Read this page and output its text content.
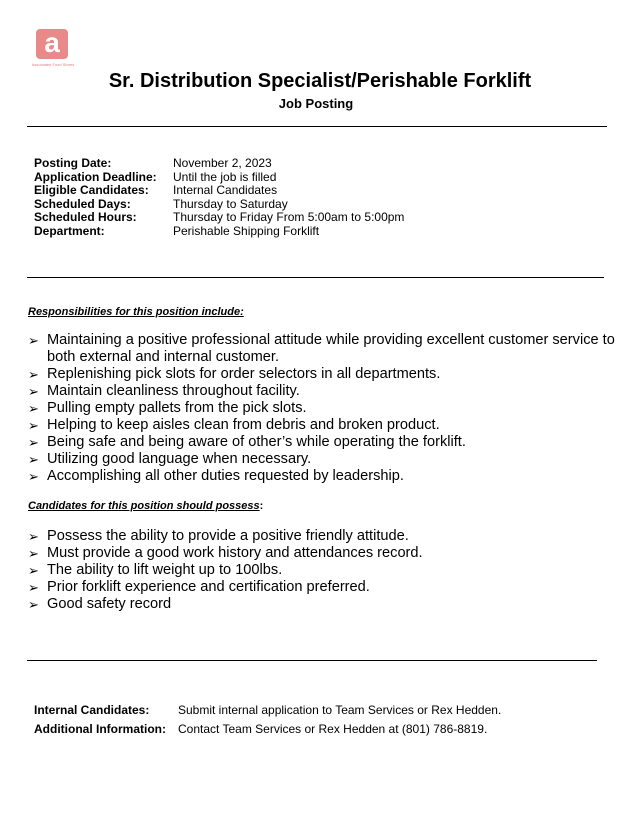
a
Associated Food Stores
Sr. Distribution Specialist/Perishable Forklift
Job Posting
Posting Date:	November 2, 2023
Application Deadline:	Until the job is filled
Eligible Candidates:	Internal Candidates
Scheduled Days:	Thursday to Saturday
Scheduled Hours:	Thursday to Friday From 5:00am to 5:00pm
Department:	Perishable Shipping Forklift
Responsibilities for this position include:
➢ Maintaining a positive professional attitude while providing excellent customer service to both external and internal customer.
➢ Replenishing pick slots for order selectors in all departments.
➢ Maintain cleanliness throughout facility.
➢ Pulling empty pallets from the pick slots.
➢ Helping to keep aisles clean from debris and broken product.
➢ Being safe and being aware of other’s while operating the forklift.
➢ Utilizing good language when necessary.
➢ Accomplishing all other duties requested by leadership.
Candidates for this position should possess:
➢ Possess the ability to provide a positive friendly attitude.
➢ Must provide a good work history and attendances record.
➢ The ability to lift weight up to 100lbs.
➢ Prior forklift experience and certification preferred.
➢ Good safety record
Internal Candidates:	Submit internal application to Team Services or Rex Hedden.
Additional Information:	Contact Team Services or Rex Hedden at (801) 786-8819.
